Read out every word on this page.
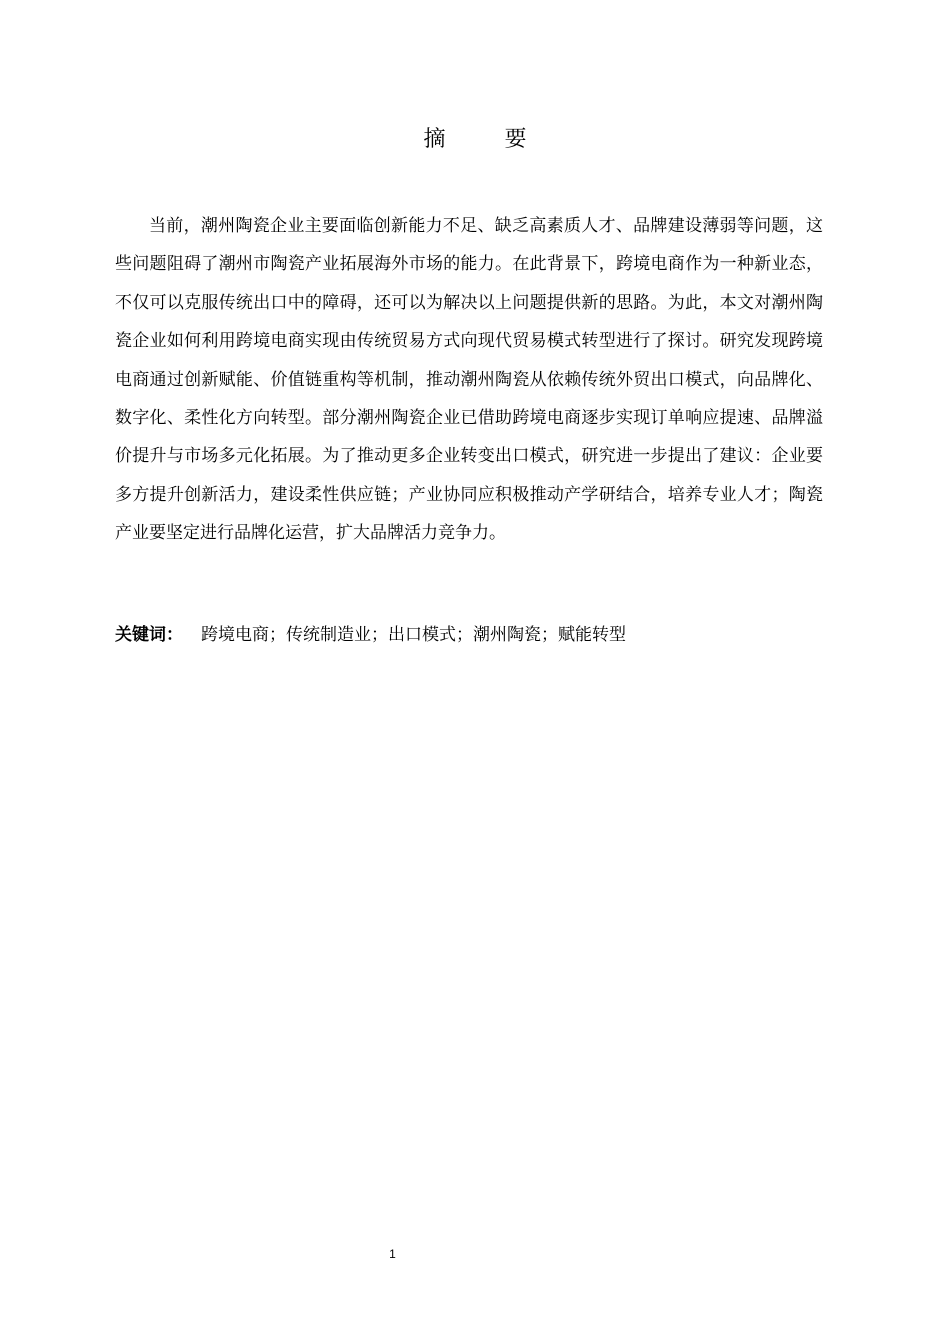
摘 要

当前，潮州陶瓷企业主要面临创新能力不足、缺乏高素质人才、品牌建设薄弱等问题，这些问题阻碍了潮州市陶瓷产业拓展海外市场的能力。在此背景下，跨境电商作为一种新业态，不仅可以克服传统出口中的障碍，还可以为解决以上问题提供新的思路。为此，本文对潮州陶瓷企业如何利用跨境电商实现由传统贸易方式向现代贸易模式转型进行了探讨。研究发现跨境电商通过创新赋能、价值链重构等机制，推动潮州陶瓷从依赖传统外贸出口模式，向品牌化、数字化、柔性化方向转型。部分潮州陶瓷企业已借助跨境电商逐步实现订单响应提速、品牌溢价提升与市场多元化拓展。为了推动更多企业转变出口模式，研究进一步提出了建议：企业要多方提升创新活力，建设柔性供应链；产业协同应积极推动产学研结合，培养专业人才；陶瓷产业要坚定进行品牌化运营，扩大品牌活力竞争力。

关键词： 跨境电商；传统制造业；出口模式；潮州陶瓷；赋能转型

1
